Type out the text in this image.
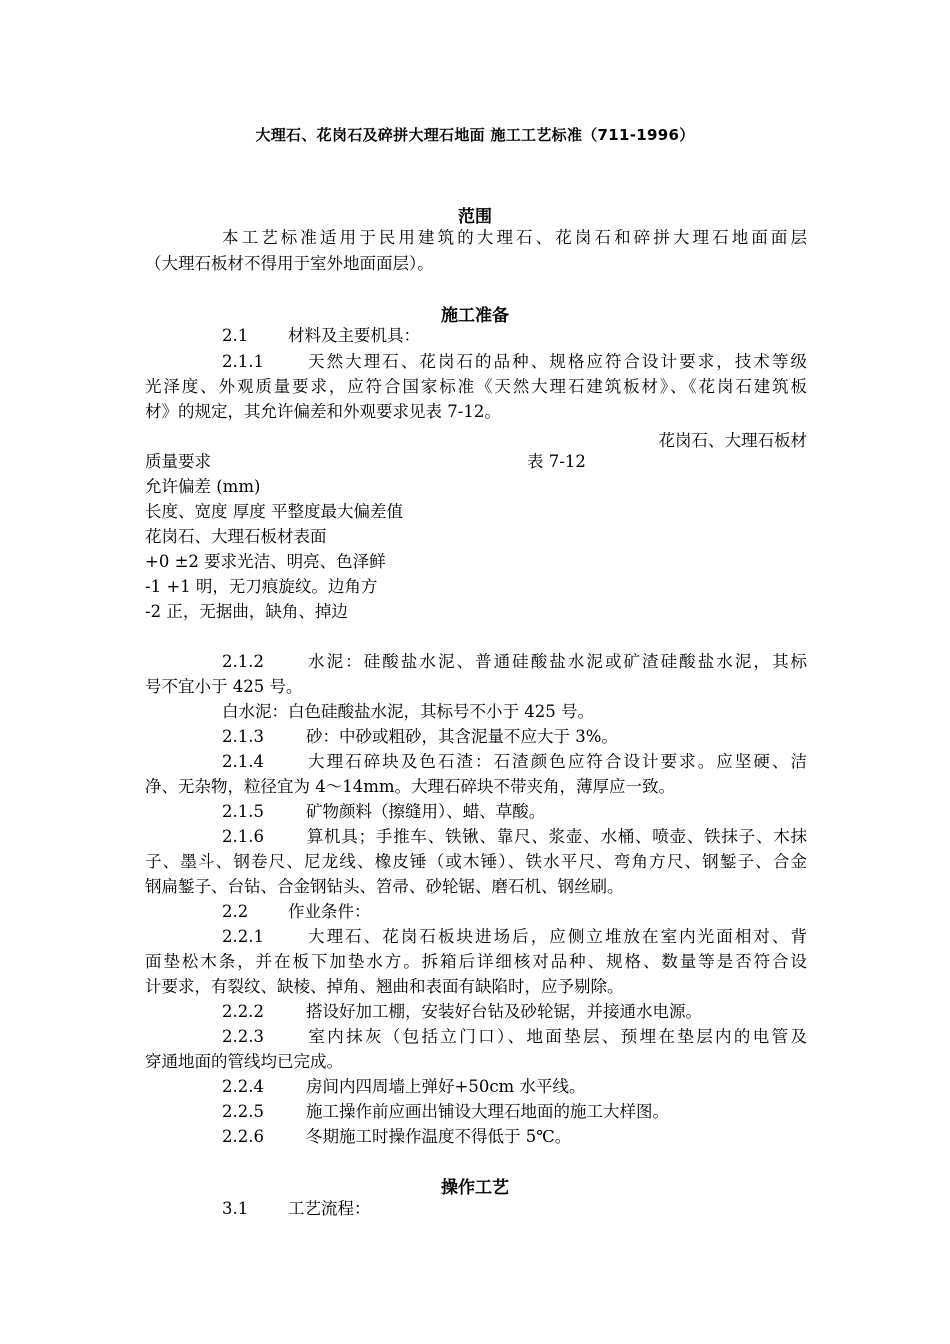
大理石、花岗石及碎拼大理石地面 施工工艺标准（711-1996）
范围
本工艺标准适用于民用建筑的大理石、花岗石和碎拼大理石地面面层
（大理石板材不得用于室外地面面层）。
施工准备
2.1 材料及主要机具：
2.1.1	天然大理石、花岗石的品种、规格应符合设计要求，技术等级
光泽度、外观质量要求，应符合国家标准《天然大理石建筑板材》、《花岗石建筑板
材》的规定，其允许偏差和外观要求见表 7-12。
花岗石、大理石板材
质量要求	表 7-12
允许偏差 (mm)
长度、宽度 厚度 平整度最大偏差值
花岗石、大理石板材表面
+0 ±2 要求光洁、明亮、色泽鲜
-1 +1 明，无刀痕旋纹。边角方
-2 正，无据曲，缺角、掉边
2.1.2	水泥：硅酸盐水泥、普通硅酸盐水泥或矿渣硅酸盐水泥，其标
号不宜小于 425 号。
白水泥：白色硅酸盐水泥，其标号不小于 425 号。
2.1.3	砂：中砂或粗砂，其含泥量不应大于 3%。
2.1.4	大理石碎块及色石渣：石渣颜色应符合设计要求。应坚硬、洁
净、无杂物，粒径宜为 4～14mm。大理石碎块不带夹角，薄厚应一致。
2.1.5	矿物颜料（擦缝用）、蜡、草酸。
2.1.6	算机具；手推车、铁锹、靠尺、浆壶、水桶、喷壶、铁抹子、木抹
子、墨斗、钢卷尺、尼龙线、橡皮锤（或木锤）、铁水平尺、弯角方尺、钢錾子、合金
钢扁錾子、台钻、合金钢钻头、笤帚、砂轮锯、磨石机、钢丝刷。
2.2 作业条件：
2.2.1	大理石、花岗石板块进场后，应侧立堆放在室内光面相对、背
面垫松木条，并在板下加垫水方。拆箱后详细核对品种、规格、数量等是否符合设
计要求，有裂纹、缺棱、掉角、翘曲和表面有缺陷时，应予剔除。
2.2.2	搭设好加工棚，安装好台钻及砂轮锯，并接通水电源。
2.2.3	室内抹灰（包括立门口）、地面垫层、预埋在垫层内的电管及
穿通地面的管线均已完成。
2.2.4	房间内四周墙上弹好+50cm 水平线。
2.2.5	施工操作前应画出铺设大理石地面的施工大样图。
2.2.6	冬期施工时操作温度不得低于 5℃。
操作工艺
3.1 工艺流程：
